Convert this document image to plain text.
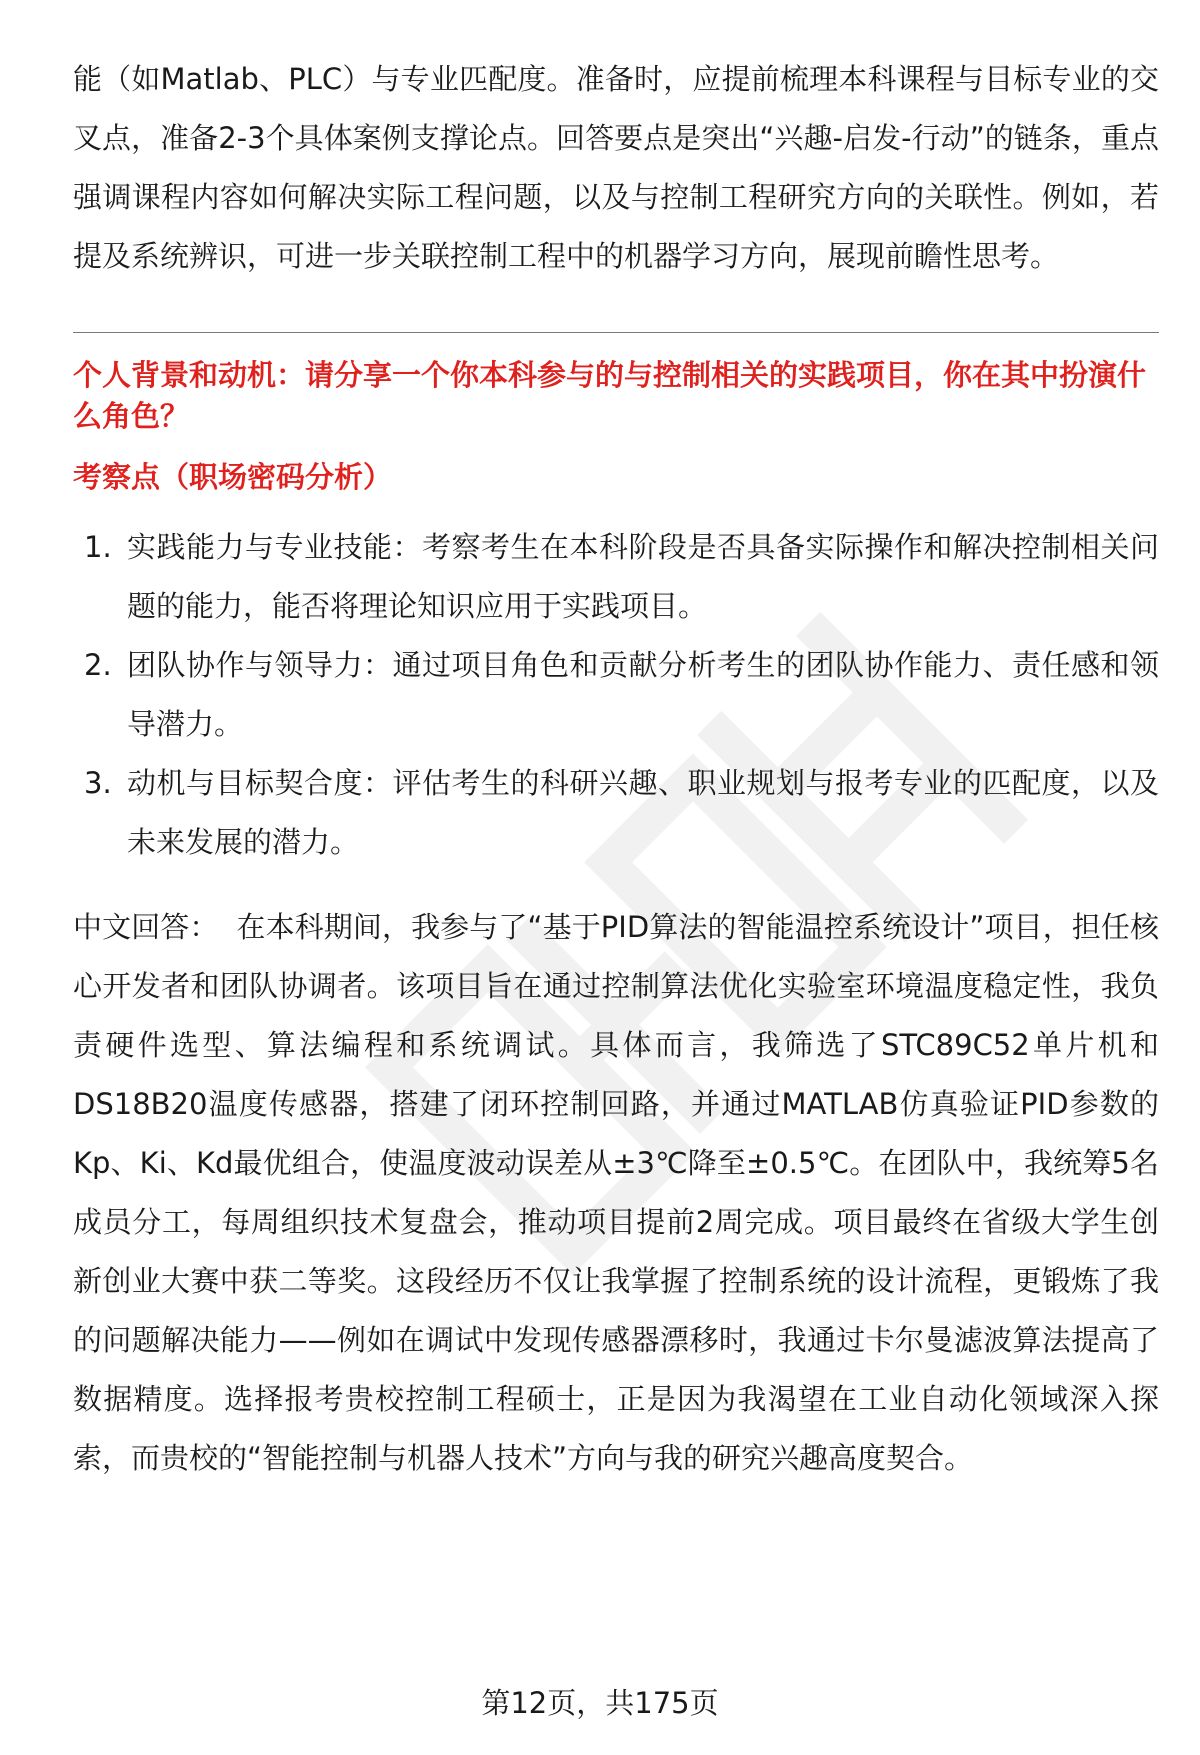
能（如Matlab、PLC）与专业匹配度。准备时，应提前梳理本科课程与目标专业的交叉点，准备2-3个具体案例支撑论点。回答要点是突出“兴趣-启发-行动”的链条，重点强调课程内容如何解决实际工程问题，以及与控制工程研究方向的关联性。例如，若提及系统辨识，可进一步关联控制工程中的机器学习方向，展现前瞻性思考。

个人背景和动机：请分享一个你本科参与的与控制相关的实践项目，你在其中扮演什么角色？

考察点（职场密码分析）

1. 实践能力与专业技能：考察考生在本科阶段是否具备实际操作和解决控制相关问题的能力，能否将理论知识应用于实践项目。
2. 团队协作与领导力：通过项目角色和贡献分析考生的团队协作能力、责任感和领导潜力。
3. 动机与目标契合度：评估考生的科研兴趣、职业规划与报考专业的匹配度，以及未来发展的潜力。

中文回答： 在本科期间，我参与了“基于PID算法的智能温控系统设计”项目，担任核心开发者和团队协调者。该项目旨在通过控制算法优化实验室环境温度稳定性，我负责硬件选型、算法编程和系统调试。具体而言，我筛选了STC89C52单片机和DS18B20温度传感器，搭建了闭环控制回路，并通过MATLAB仿真验证PID参数的Kp、Ki、Kd最优组合，使温度波动误差从±3℃降至±0.5℃。在团队中，我统筹5名成员分工，每周组织技术复盘会，推动项目提前2周完成。项目最终在省级大学生创新创业大赛中获二等奖。这段经历不仅让我掌握了控制系统的设计流程，更锻炼了我的问题解决能力——例如在调试中发现传感器漂移时，我通过卡尔曼滤波算法提高了数据精度。选择报考贵校控制工程硕士，正是因为我渴望在工业自动化领域深入探索，而贵校的“智能控制与机器人技术”方向与我的研究兴趣高度契合。

第12页，共175页
